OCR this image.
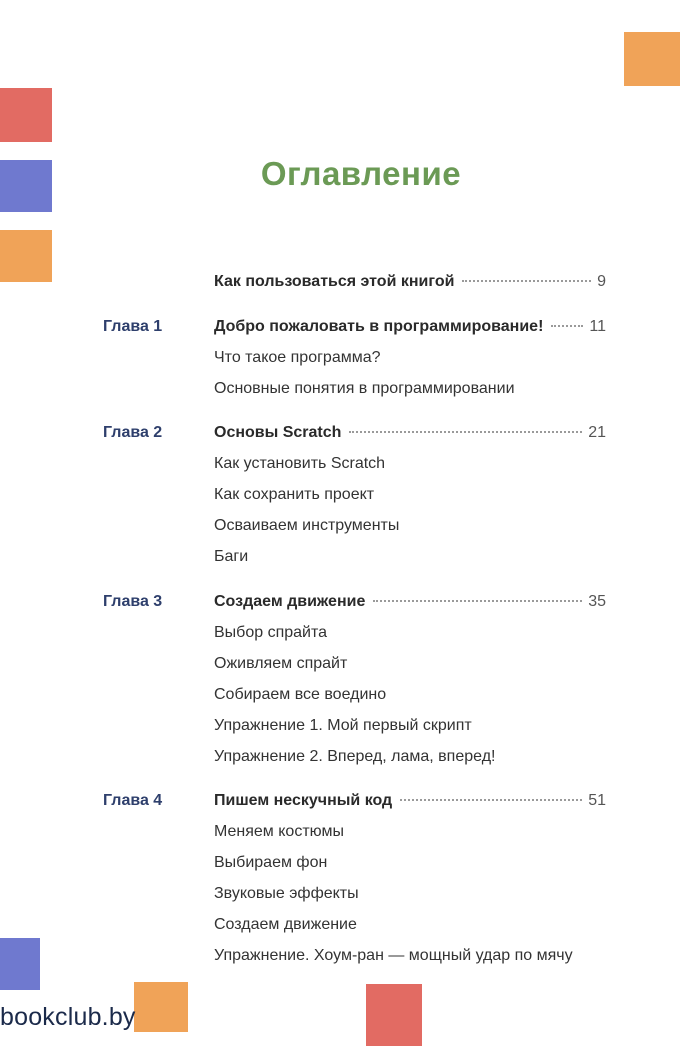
Оглавление
Как пользоваться этой книгой	9
Глава 1	Добро пожаловать в программирование!	11
Что такое программа?
Основные понятия в программировании
Глава 2	Основы Scratch	21
Как установить Scratch
Как сохранить проект
Осваиваем инструменты
Баги
Глава 3	Создаем движение	35
Выбор спрайта
Оживляем спрайт
Собираем все воедино
Упражнение 1. Мой первый скрипт
Упражнение 2. Вперед, лама, вперед!
Глава 4	Пишем нескучный код	51
Меняем костюмы
Выбираем фон
Звуковые эффекты
Создаем движение
Упражнение. Хоум-ран — мощный удар по мячу
bookclub.by
